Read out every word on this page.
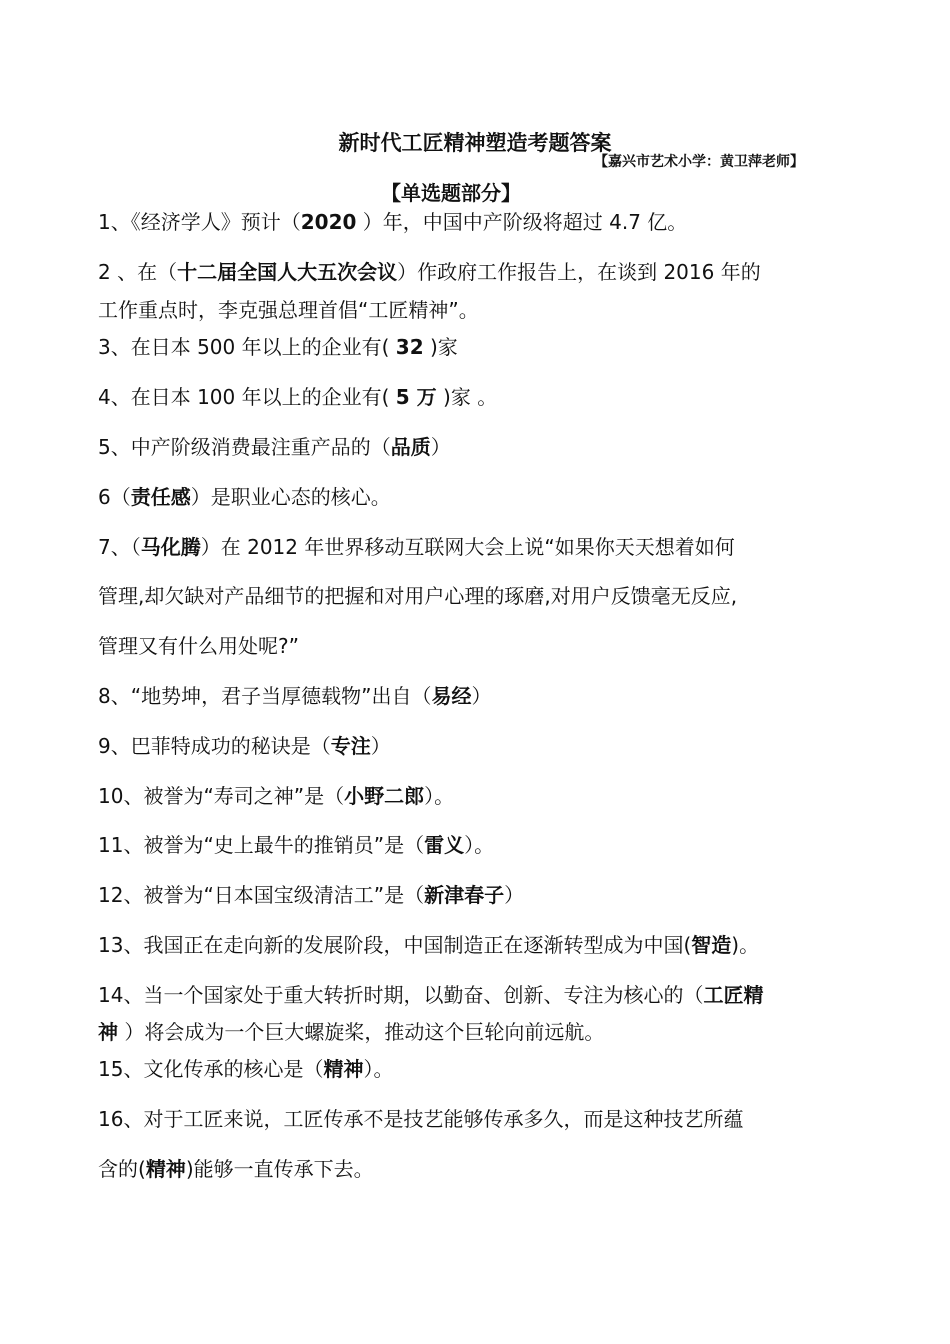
新时代工匠精神塑造考题答案
【嘉兴市艺术小学：黄卫萍老师】
【单选题部分】
1、《经济学人》预计（2020 ）年，中国中产阶级将超过 4.7 亿。
2 、在（十二届全国人大五次会议）作政府工作报告上，在谈到 2016 年的
工作重点时，李克强总理首倡“工匠精神”。
3、在日本 500 年以上的企业有( 32 )家
4、在日本 100 年以上的企业有( 5 万 )家 。
5、中产阶级消费最注重产品的（品质）
6（责任感）是职业心态的核心。
7、（马化腾）在 2012 年世界移动互联网大会上说“如果你天天想着如何
管理,却欠缺对产品细节的把握和对用户心理的琢磨,对用户反馈毫无反应,
管理又有什么用处呢?”
8、“地势坤，君子当厚德载物”出自（易经）
9、巴菲特成功的秘诀是（专注）
10、被誉为“寿司之神”是（小野二郎）。
11、被誉为“史上最牛的推销员”是（雷义）。
12、被誉为“日本国宝级清洁工”是（新津春子）
13、我国正在走向新的发展阶段，中国制造正在逐渐转型成为中国(智造)。
14、当一个国家处于重大转折时期，以勤奋、创新、专注为核心的（工匠精
神 ）将会成为一个巨大螺旋桨，推动这个巨轮向前远航。
15、文化传承的核心是（精神）。
16、对于工匠来说，工匠传承不是技艺能够传承多久，而是这种技艺所蕴
含的(精神)能够一直传承下去。
